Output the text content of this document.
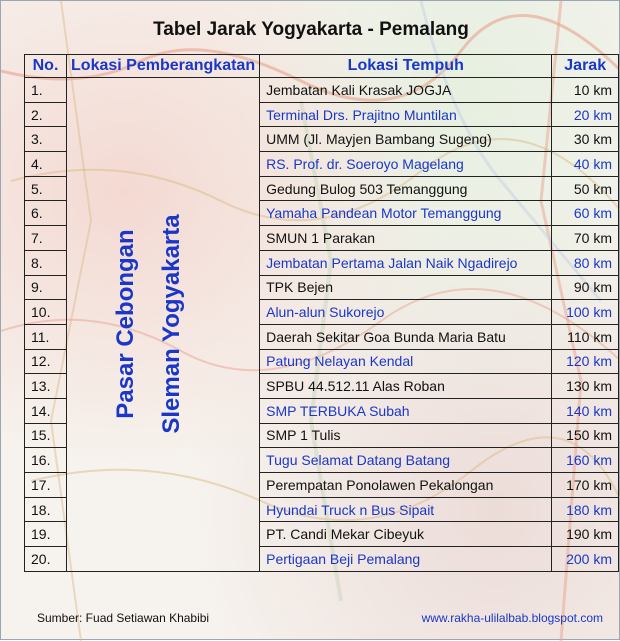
Tabel Jarak Yogyakarta - Pemalang
No.	Lokasi Pemberangkatan	Lokasi Tempuh	Jarak
1.	Pasar Cebongan Sleman Yogyakarta	Jembatan Kali Krasak JOGJA	10 km
2.		Terminal Drs. Prajitno Muntilan	20 km
3.		UMM (Jl. Mayjen Bambang Sugeng)	30 km
4.		RS. Prof. dr. Soeroyo Magelang	40 km
5.		Gedung Bulog 503 Temanggung	50 km
6.		Yamaha Pandean Motor Temanggung	60 km
7.		SMUN 1 Parakan	70 km
8.		Jembatan Pertama Jalan Naik Ngadirejo	80 km
9.		TPK Bejen	90 km
10.		Alun-alun Sukorejo	100 km
11.		Daerah Sekitar Goa Bunda Maria Batu	110 km
12.		Patung Nelayan Kendal	120 km
13.		SPBU 44.512.11 Alas Roban	130 km
14.		SMP TERBUKA Subah	140 km
15.		SMP 1 Tulis	150 km
16.		Tugu Selamat Datang Batang	160 km
17.		Perempatan Ponolawen Pekalongan	170 km
18.		Hyundai Truck n Bus Sipait	180 km
19.		PT. Candi Mekar Cibeyuk	190 km
20.		Pertigaan Beji Pemalang	200 km
Sumber: Fuad Setiawan Khabibi	www.rakha-ulilalbab.blogspot.com
